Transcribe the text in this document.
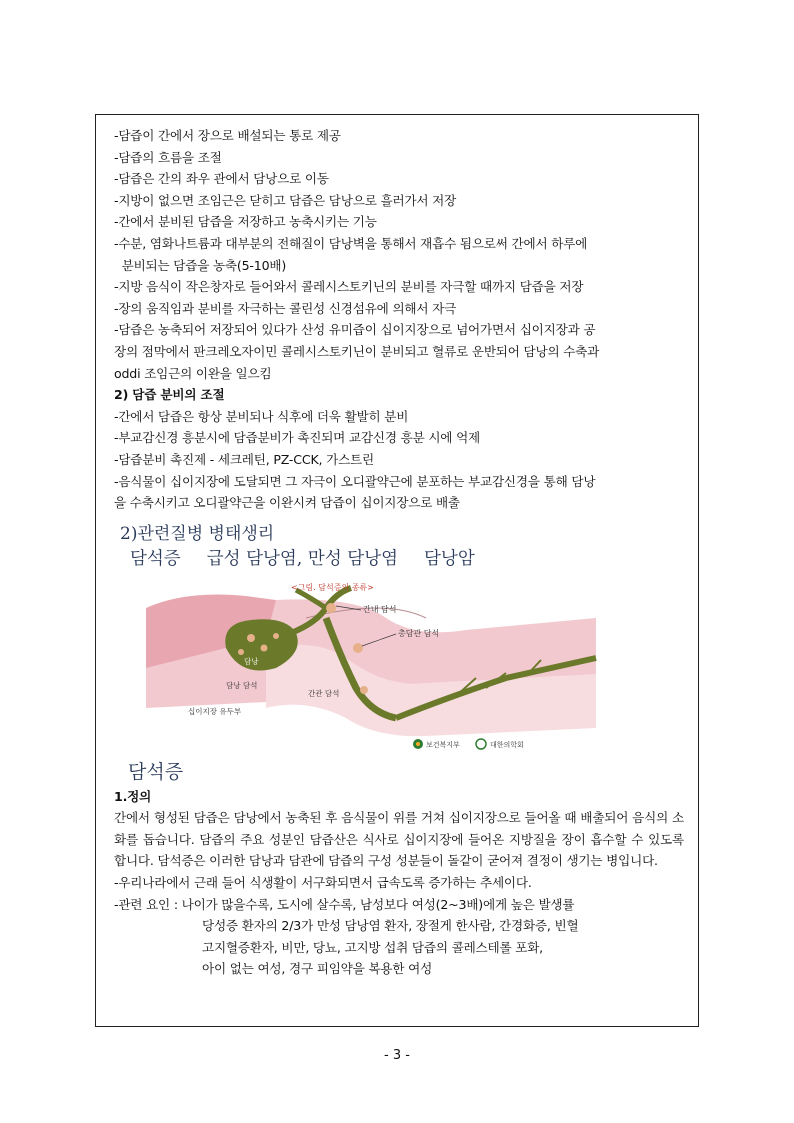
-담즙이 간에서 장으로 배설되는 통로 제공
-담즙의 흐름을 조절
-담즙은 간의 좌우 관에서 담낭으로 이동
-지방이 없으면 조임근은 닫히고 담즙은 담낭으로 흘러가서 저장
-간에서 분비된 담즙을 저장하고 농축시키는 기능
-수분, 염화나트륨과 대부분의 전해질이 담낭벽을 통해서 재흡수 됨으로써 간에서 하루에
분비되는 담즙을 농축(5-10배)
-지방 음식이 작은창자로 들어와서 콜레시스토키닌의 분비를 자극할 때까지 담즙을 저장
-장의 움직임과 분비를 자극하는 콜린성 신경섬유에 의해서 자극
-담즙은 농축되어 저장되어 있다가 산성 유미즙이 십이지장으로 넘어가면서 십이지장과 공
장의 점막에서 판크레오자이민 콜레시스토키닌이 분비되고 혈류로 운반되어 담낭의 수축과
oddi 조임근의 이완을 일으킴
2) 담즙 분비의 조절
-간에서 담즙은 항상 분비되나 식후에 더욱 활발히 분비
-부교감신경 흥분시에 담즙분비가 촉진되며 교감신경 흥분 시에 억제
-담즙분비 촉진제 - 세크레틴, PZ-CCK, 가스트린
-음식물이 십이지장에 도달되면 그 자극이 오디괄약근에 분포하는 부교감신경을 통해 담낭
을 수축시키고 오디괄약근을 이완시켜 담즙이 십이지장으로 배출
2)관련질병 병태생리
담석증 급성 담낭염, 만성 담낭염 담낭암
<그림. 담석증의 종류>
간내 담석
총담관 담석
담낭
담낭 담석
간관 담석
십이지장 유두부
보건복지부	대한의학회
담석증
1.정의
간에서 형성된 담즙은 담낭에서 농축된 후 음식물이 위를 거쳐 십이지장으로 들어올 때 배출되어 음식의 소화를 돕습니다. 담즙의 주요 성분인 담즙산은 식사로 십이지장에 들어온 지방질을 장이 흡수할 수 있도록 합니다. 담석증은 이러한 담낭과 담관에 담즙의 구성 성분들이 돌같이 굳어져 결정이 생기는 병입니다.
-우리나라에서 근래 들어 식생활이 서구화되면서 급속도록 증가하는 추세이다.
-관련 요인 : 나이가 많을수록, 도시에 살수록, 남성보다 여성(2~3배)에게 높은 발생률
당성증 환자의 2/3가 만성 담낭염 환자, 장절게 한사람, 간경화증, 빈혈
고지혈증환자, 비만, 당뇨, 고지방 섭취 담즙의 콜레스테롤 포화,
아이 없는 여성, 경구 피임약을 복용한 여성
- 3 -
